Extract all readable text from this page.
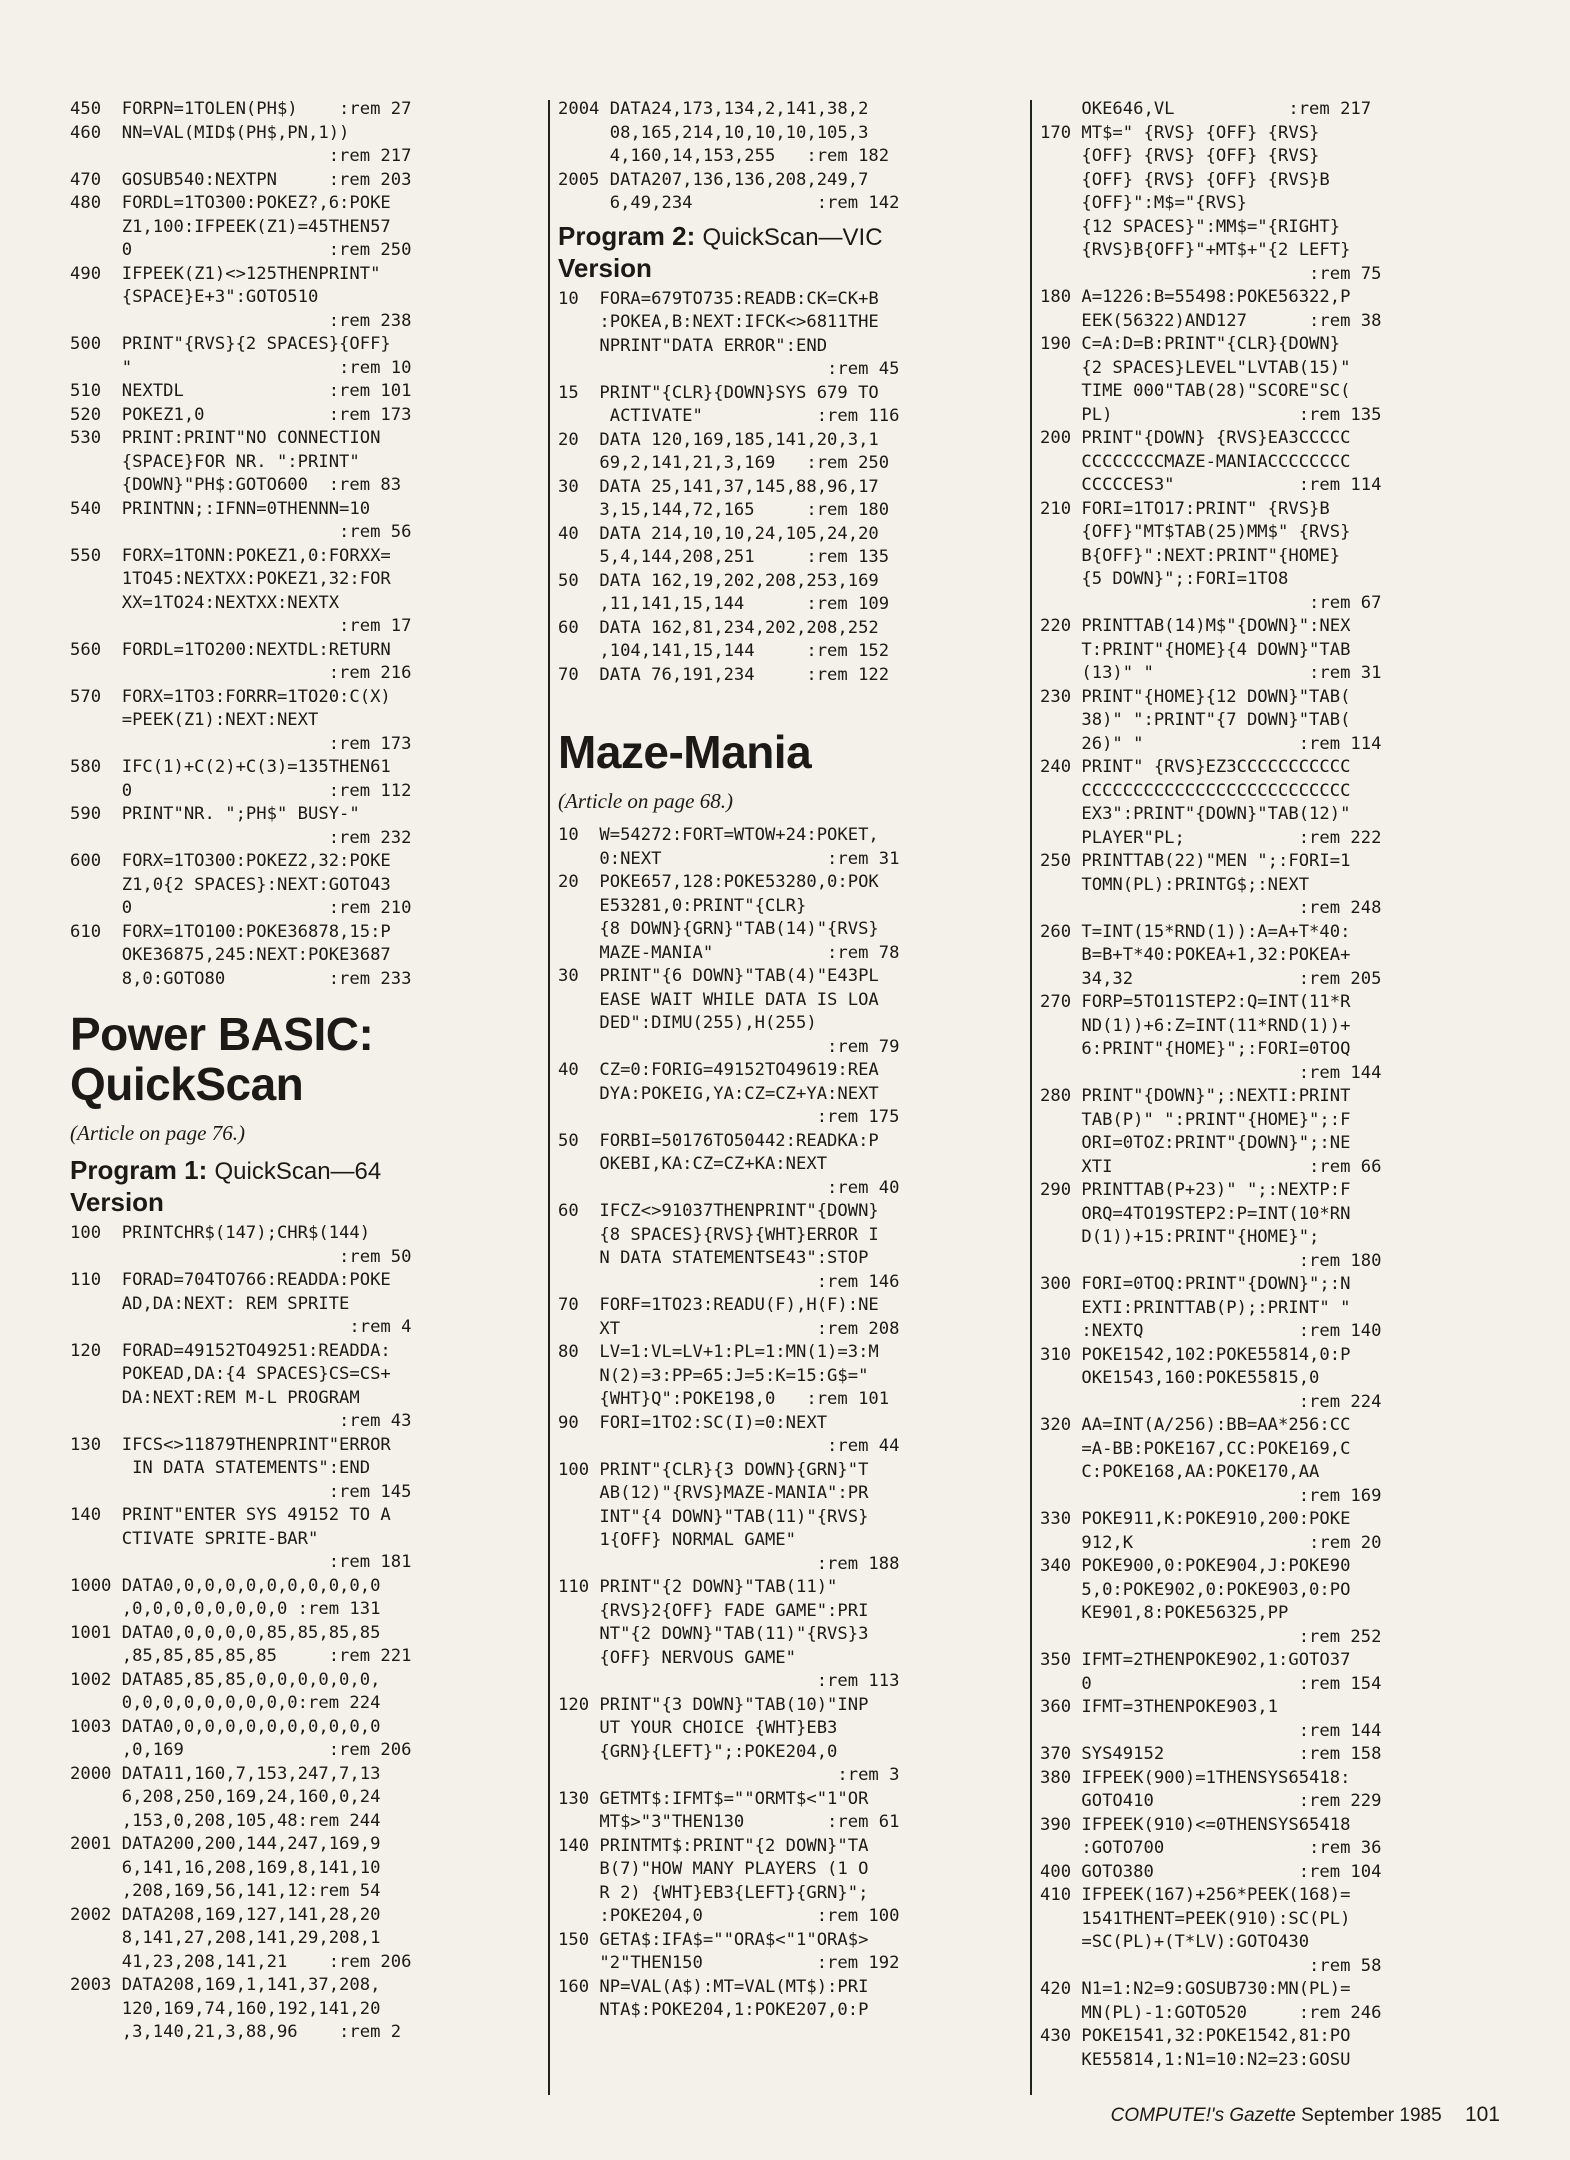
450  FORPN=1TOLEN(PH$)    :rem 27
460  NN=VAL(MID$(PH$,PN,1))
:rem 217
470  GOSUB540:NEXTPN     :rem 203
480  FORDL=1TO300:POKEZ?,6:POKE
Z1,100:IFPEEK(Z1)=45THEN57
0                   :rem 250
490  IFPEEK(Z1)<>125THENPRINT"
{SPACE}E+3":GOTO510
:rem 238
500  PRINT"{RVS}{2 SPACES}{OFF}
"                    :rem 10
510  NEXTDL              :rem 101
520  POKEZ1,0            :rem 173
530  PRINT:PRINT"NO CONNECTION
{SPACE}FOR NR. ":PRINT"
{DOWN}"PH$:GOTO600  :rem 83
540  PRINTNN;:IFNN=0THENNN=10
:rem 56
550  FORX=1TONN:POKEZ1,0:FORXX=
1TO45:NEXTXX:POKEZ1,32:FOR
XX=1TO24:NEXTXX:NEXTX
:rem 17
560  FORDL=1TO200:NEXTDL:RETURN
:rem 216
570  FORX=1TO3:FORRR=1TO20:C(X)
=PEEK(Z1):NEXT:NEXT
:rem 173
580  IFC(1)+C(2)+C(3)=135THEN61
0                   :rem 112
590  PRINT"NR. ";PH$" BUSY-"
:rem 232
600  FORX=1TO300:POKEZ2,32:POKE
Z1,0{2 SPACES}:NEXT:GOTO43
0                   :rem 210
610  FORX=1TO100:POKE36878,15:P
OKE36875,245:NEXT:POKE3687
8,0:GOTO80          :rem 233
Power BASIC:
QuickScan
(Article on page 76.)
Program 1: QuickScan—64
Version
100  PRINTCHR$(147);CHR$(144)
:rem 50
110  FORAD=704TO766:READDA:POKE
AD,DA:NEXT: REM SPRITE
:rem 4
120  FORAD=49152TO49251:READDA:
POKEAD,DA:{4 SPACES}CS=CS+
DA:NEXT:REM M-L PROGRAM
:rem 43
130  IFCS<>11879THENPRINT"ERROR
IN DATA STATEMENTS":END
:rem 145
140  PRINT"ENTER SYS 49152 TO A
CTIVATE SPRITE-BAR"
:rem 181
1000 DATA0,0,0,0,0,0,0,0,0,0,0
,0,0,0,0,0,0,0,0 :rem 131
1001 DATA0,0,0,0,0,85,85,85,85
,85,85,85,85,85     :rem 221
1002 DATA85,85,85,0,0,0,0,0,0,
0,0,0,0,0,0,0,0,0:rem 224
1003 DATA0,0,0,0,0,0,0,0,0,0,0
,0,169              :rem 206
2000 DATA11,160,7,153,247,7,13
6,208,250,169,24,160,0,24
,153,0,208,105,48:rem 244
2001 DATA200,200,144,247,169,9
6,141,16,208,169,8,141,10
,208,169,56,141,12:rem 54
2002 DATA208,169,127,141,28,20
8,141,27,208,141,29,208,1
41,23,208,141,21    :rem 206
2003 DATA208,169,1,141,37,208,
120,169,74,160,192,141,20
,3,140,21,3,88,96    :rem 2
2004 DATA24,173,134,2,141,38,2
08,165,214,10,10,10,105,3
4,160,14,153,255   :rem 182
2005 DATA207,136,136,208,249,7
6,49,234            :rem 142
Program 2: QuickScan—VIC
Version
10  FORA=679TO735:READB:CK=CK+B
:POKEA,B:NEXT:IFCK<>6811THE
NPRINT"DATA ERROR":END
:rem 45
15  PRINT"{CLR}{DOWN}SYS 679 TO
ACTIVATE"           :rem 116
20  DATA 120,169,185,141,20,3,1
69,2,141,21,3,169   :rem 250
30  DATA 25,141,37,145,88,96,17
3,15,144,72,165     :rem 180
40  DATA 214,10,10,24,105,24,20
5,4,144,208,251     :rem 135
50  DATA 162,19,202,208,253,169
,11,141,15,144      :rem 109
60  DATA 162,81,234,202,208,252
,104,141,15,144     :rem 152
70  DATA 76,191,234     :rem 122
Maze-Mania
(Article on page 68.)
10  W=54272:FORT=WTOW+24:POKET,
0:NEXT                :rem 31
20  POKE657,128:POKE53280,0:POK
E53281,0:PRINT"{CLR}
{8 DOWN}{GRN}"TAB(14)"{RVS}
MAZE-MANIA"           :rem 78
30  PRINT"{6 DOWN}"TAB(4)"E43PL
EASE WAIT WHILE DATA IS LOA
DED":DIMU(255),H(255)
:rem 79
40  CZ=0:FORIG=49152TO49619:REA
DYA:POKEIG,YA:CZ=CZ+YA:NEXT
:rem 175
50  FORBI=50176TO50442:READKA:P
OKEBI,KA:CZ=CZ+KA:NEXT
:rem 40
60  IFCZ<>91037THENPRINT"{DOWN}
{8 SPACES}{RVS}{WHT}ERROR I
N DATA STATEMENTSE43":STOP
:rem 146
70  FORF=1TO23:READU(F),H(F):NE
XT                   :rem 208
80  LV=1:VL=LV+1:PL=1:MN(1)=3:M
N(2)=3:PP=65:J=5:K=15:G$="
{WHT}Q":POKE198,0   :rem 101
90  FORI=1TO2:SC(I)=0:NEXT
:rem 44
100 PRINT"{CLR}{3 DOWN}{GRN}"T
AB(12)"{RVS}MAZE-MANIA":PR
INT"{4 DOWN}"TAB(11)"{RVS}
1{OFF} NORMAL GAME"
:rem 188
110 PRINT"{2 DOWN}"TAB(11)"
{RVS}2{OFF} FADE GAME":PRI
NT"{2 DOWN}"TAB(11)"{RVS}3
{OFF} NERVOUS GAME"
:rem 113
120 PRINT"{3 DOWN}"TAB(10)"INP
UT YOUR CHOICE {WHT}EB3
{GRN}{LEFT}";:POKE204,0
:rem 3
130 GETMT$:IFMT$=""ORMT$<"1"OR
MT$>"3"THEN130        :rem 61
140 PRINTMT$:PRINT"{2 DOWN}"TA
B(7)"HOW MANY PLAYERS (1 O
R 2) {WHT}EB3{LEFT}{GRN}";
:POKE204,0           :rem 100
150 GETA$:IFA$=""ORA$<"1"ORA$>
"2"THEN150           :rem 192
160 NP=VAL(A$):MT=VAL(MT$):PRI
NTA$:POKE204,1:POKE207,0:P
OKE646,VL           :rem 217
170 MT$=" {RVS} {OFF} {RVS}
{OFF} {RVS} {OFF} {RVS}
{OFF} {RVS} {OFF} {RVS}B
{OFF}":M$="{RVS}
{12 SPACES}":MM$="{RIGHT}
{RVS}B{OFF}"+MT$+"{2 LEFT}
:rem 75
180 A=1226:B=55498:POKE56322,P
EEK(56322)AND127      :rem 38
190 C=A:D=B:PRINT"{CLR}{DOWN}
{2 SPACES}LEVEL"LVTAB(15)"
TIME 000"TAB(28)"SCORE"SC(
PL)                  :rem 135
200 PRINT"{DOWN} {RVS}EA3CCCCC
CCCCCCCCMAZE-MANIACCCCCCCC
CCCCCES3"            :rem 114
210 FORI=1TO17:PRINT" {RVS}B
{OFF}"MT$TAB(25)MM$" {RVS}
B{OFF}":NEXT:PRINT"{HOME}
{5 DOWN}";:FORI=1TO8
:rem 67
220 PRINTTAB(14)M$"{DOWN}":NEX
T:PRINT"{HOME}{4 DOWN}"TAB
(13)" "               :rem 31
230 PRINT"{HOME}{12 DOWN}"TAB(
38)" ":PRINT"{7 DOWN}"TAB(
26)" "               :rem 114
240 PRINT" {RVS}EZ3CCCCCCCCCCC
CCCCCCCCCCCCCCCCCCCCCCCCCC
EX3":PRINT"{DOWN}"TAB(12)"
PLAYER"PL;           :rem 222
250 PRINTTAB(22)"MEN ";:FORI=1
TOMN(PL):PRINTG$;:NEXT
:rem 248
260 T=INT(15*RND(1)):A=A+T*40:
B=B+T*40:POKEA+1,32:POKEA+
34,32                :rem 205
270 FORP=5TO11STEP2:Q=INT(11*R
ND(1))+6:Z=INT(11*RND(1))+
6:PRINT"{HOME}";:FORI=0TOQ
:rem 144
280 PRINT"{DOWN}";:NEXTI:PRINT
TAB(P)" ":PRINT"{HOME}";:F
ORI=0TOZ:PRINT"{DOWN}";:NE
XTI                   :rem 66
290 PRINTTAB(P+23)" ";:NEXTP:F
ORQ=4TO19STEP2:P=INT(10*RN
D(1))+15:PRINT"{HOME}";
:rem 180
300 FORI=0TOQ:PRINT"{DOWN}";:N
EXTI:PRINTTAB(P);:PRINT" "
:NEXTQ               :rem 140
310 POKE1542,102:POKE55814,0:P
OKE1543,160:POKE55815,0
:rem 224
320 AA=INT(A/256):BB=AA*256:CC
=A-BB:POKE167,CC:POKE169,C
C:POKE168,AA:POKE170,AA
:rem 169
330 POKE911,K:POKE910,200:POKE
912,K                 :rem 20
340 POKE900,0:POKE904,J:POKE90
5,0:POKE902,0:POKE903,0:PO
KE901,8:POKE56325,PP
:rem 252
350 IFMT=2THENPOKE902,1:GOTO37
0                    :rem 154
360 IFMT=3THENPOKE903,1
:rem 144
370 SYS49152             :rem 158
380 IFPEEK(900)=1THENSYS65418:
GOTO410              :rem 229
390 IFPEEK(910)<=0THENSYS65418
:GOTO700              :rem 36
400 GOTO380              :rem 104
410 IFPEEK(167)+256*PEEK(168)=
1541THENT=PEEK(910):SC(PL)
=SC(PL)+(T*LV):GOTO430
:rem 58
420 N1=1:N2=9:GOSUB730:MN(PL)=
MN(PL)-1:GOTO520     :rem 246
430 POKE1541,32:POKE1542,81:PO
KE55814,1:N1=10:N2=23:GOSU
COMPUTE!'s Gazette September 1985 101
